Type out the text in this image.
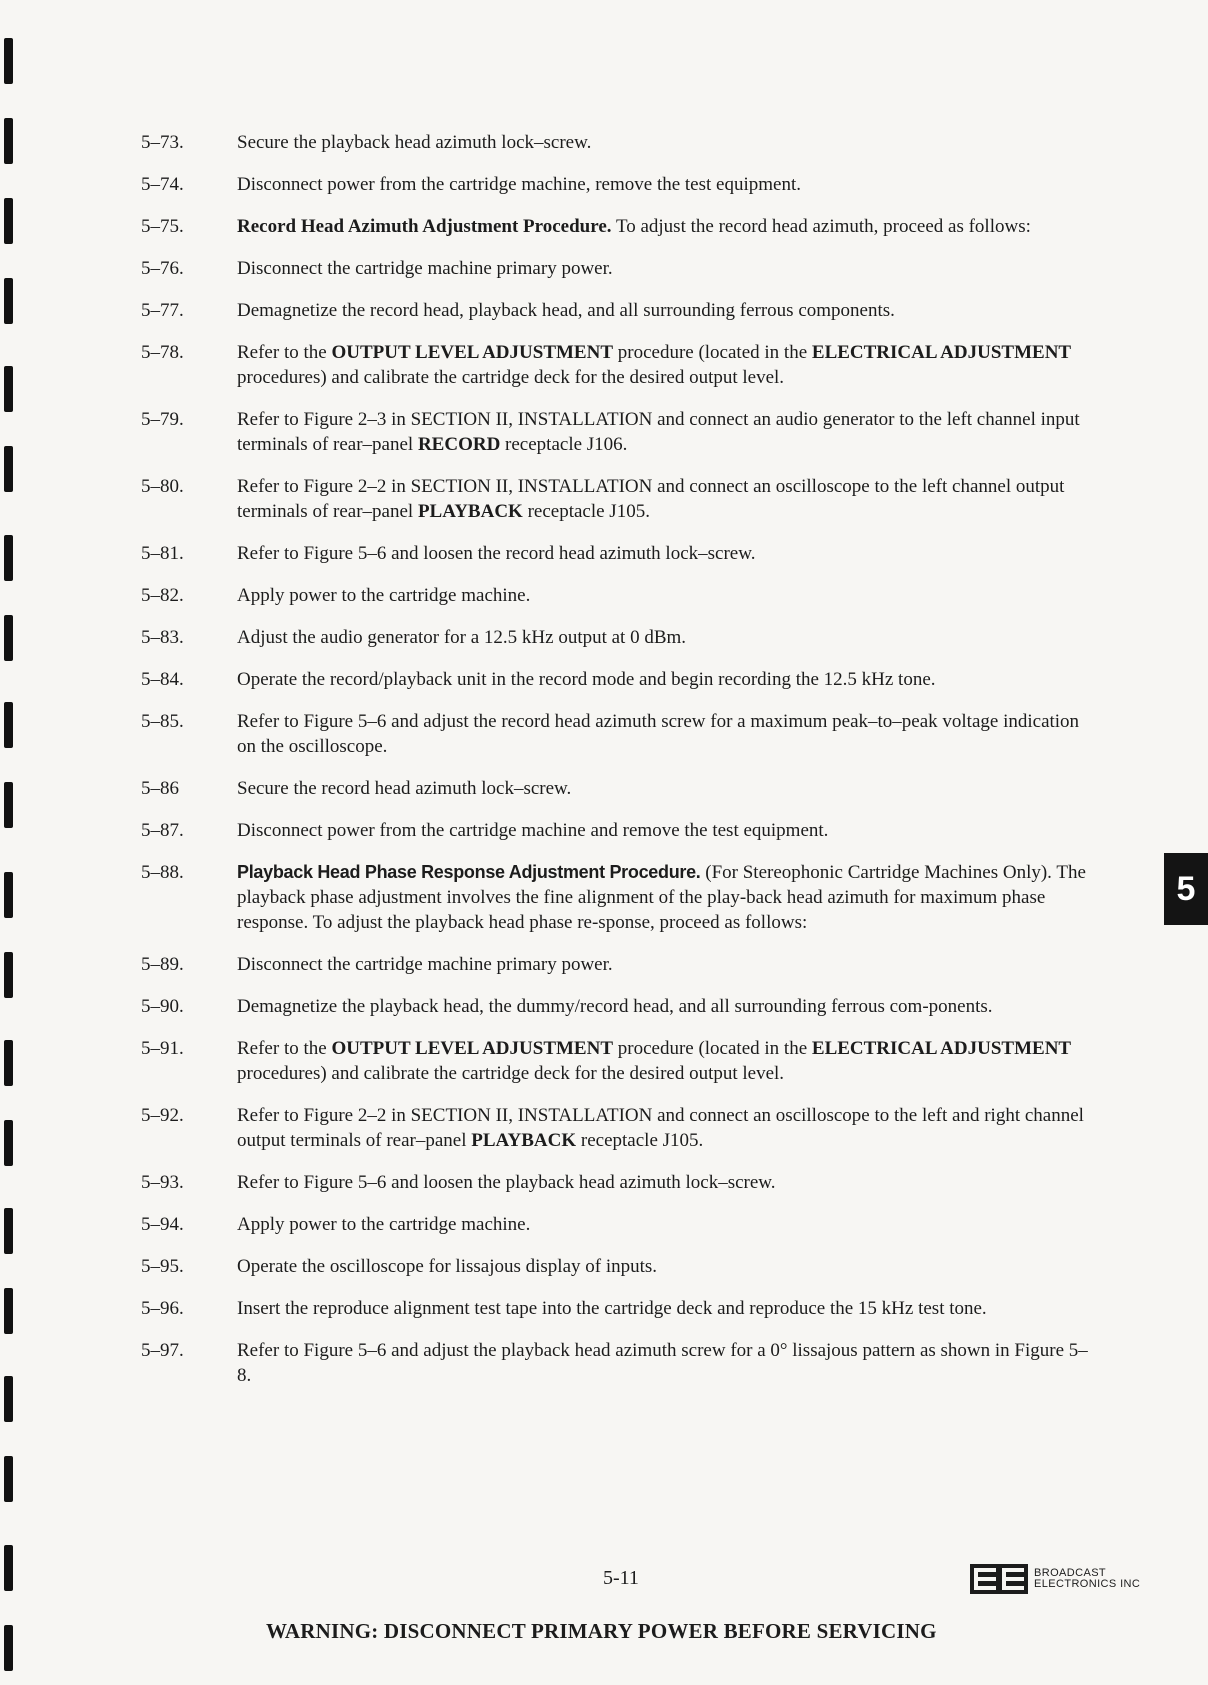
5–73.	Secure the playback head azimuth lock–screw.
5–74.	Disconnect power from the cartridge machine, remove the test equipment.
5–75.	Record Head Azimuth Adjustment Procedure. To adjust the record head azimuth, proceed as follows:
5–76.	Disconnect the cartridge machine primary power.
5–77.	Demagnetize the record head, playback head, and all surrounding ferrous components.
5–78.	Refer to the OUTPUT LEVEL ADJUSTMENT procedure (located in the ELECTRICAL ADJUSTMENT procedures) and calibrate the cartridge deck for the desired output level.
5–79.	Refer to Figure 2–3 in SECTION II, INSTALLATION and connect an audio generator to the left channel input terminals of rear–panel RECORD receptacle J106.
5–80.	Refer to Figure 2–2 in SECTION II, INSTALLATION and connect an oscilloscope to the left channel output terminals of rear–panel PLAYBACK receptacle J105.
5–81.	Refer to Figure 5–6 and loosen the record head azimuth lock–screw.
5–82.	Apply power to the cartridge machine.
5–83.	Adjust the audio generator for a 12.5 kHz output at 0 dBm.
5–84.	Operate the record/playback unit in the record mode and begin recording the 12.5 kHz tone.
5–85.	Refer to Figure 5–6 and adjust the record head azimuth screw for a maximum peak–to–peak voltage indication on the oscilloscope.
5–86	Secure the record head azimuth lock–screw.
5–87.	Disconnect power from the cartridge machine and remove the test equipment.
5–88.	Playback Head Phase Response Adjustment Procedure. (For Stereophonic Cartridge Machines Only). The playback phase adjustment involves the fine alignment of the play-back head azimuth for maximum phase response. To adjust the playback head phase re-sponse, proceed as follows:
5–89.	Disconnect the cartridge machine primary power.
5–90.	Demagnetize the playback head, the dummy/record head, and all surrounding ferrous com-ponents.
5–91.	Refer to the OUTPUT LEVEL ADJUSTMENT procedure (located in the ELECTRICAL ADJUSTMENT procedures) and calibrate the cartridge deck for the desired output level.
5–92.	Refer to Figure 2–2 in SECTION II, INSTALLATION and connect an oscilloscope to the left and right channel output terminals of rear–panel PLAYBACK receptacle J105.
5–93.	Refer to Figure 5–6 and loosen the playback head azimuth lock–screw.
5–94.	Apply power to the cartridge machine.
5–95.	Operate the oscilloscope for lissajous display of inputs.
5–96.	Insert the reproduce alignment test tape into the cartridge deck and reproduce the 15 kHz test tone.
5–97.	Refer to Figure 5–6 and adjust the playback head azimuth screw for a 0° lissajous pattern as shown in Figure 5–8.
5
5-11	BROADCAST
ELECTRONICS INC
WARNING: DISCONNECT PRIMARY POWER BEFORE SERVICING
